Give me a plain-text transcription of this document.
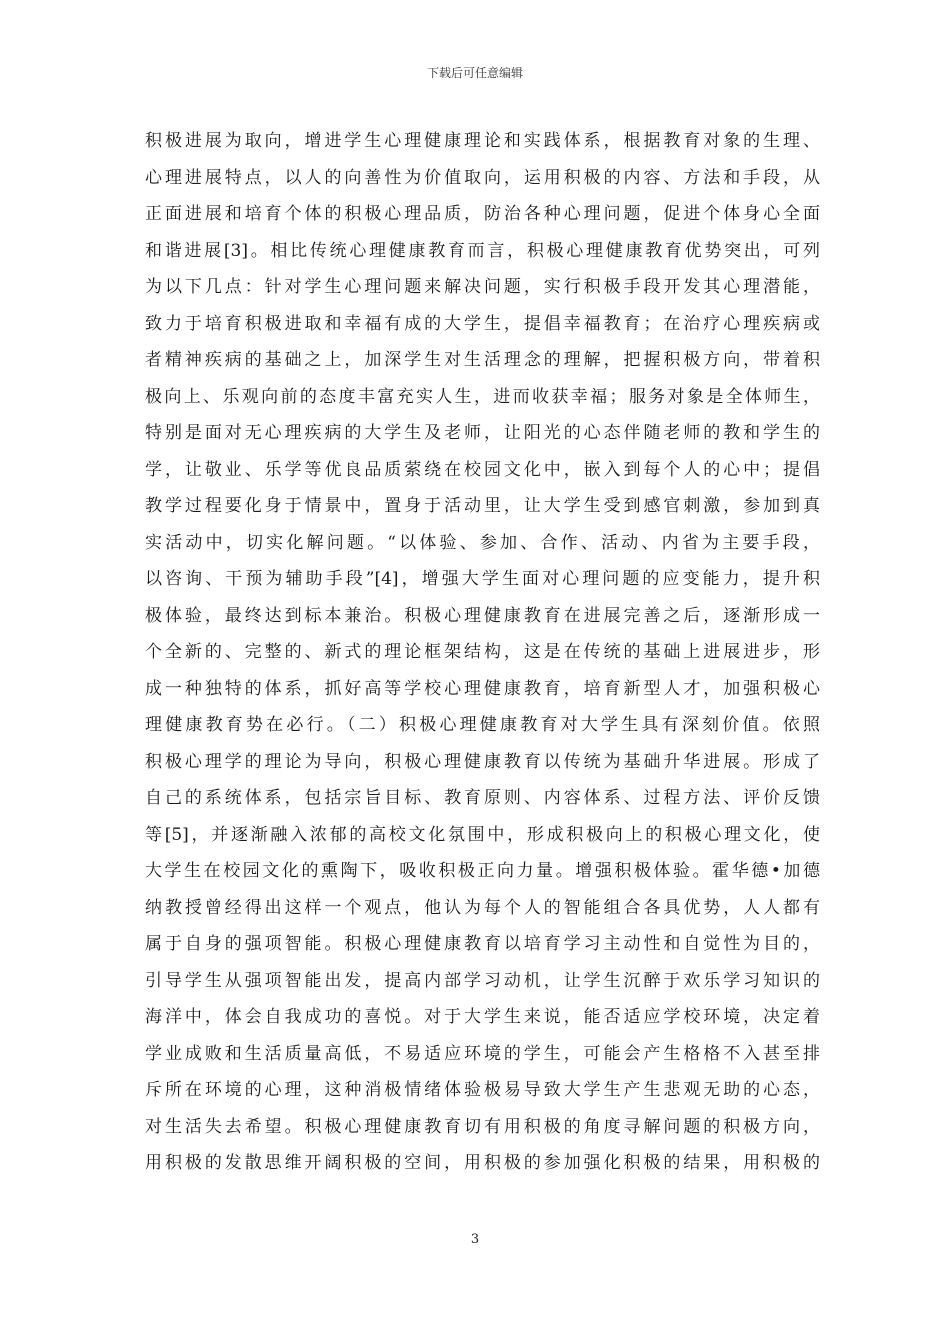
下载后可任意编辑
积极进展为取向，增进学生心理健康理论和实践体系，根据教育对象的生理、
心理进展特点，以人的向善性为价值取向，运用积极的内容、方法和手段，从
正面进展和培育个体的积极心理品质，防治各种心理问题，促进个体身心全面
和谐进展[3]。相比传统心理健康教育而言，积极心理健康教育优势突出，可列
为以下几点：针对学生心理问题来解决问题，实行积极手段开发其心理潜能，
致力于培育积极进取和幸福有成的大学生，提倡幸福教育；在治疗心理疾病或
者精神疾病的基础之上，加深学生对生活理念的理解，把握积极方向，带着积
极向上、乐观向前的态度丰富充实人生，进而收获幸福；服务对象是全体师生，
特别是面对无心理疾病的大学生及老师，让阳光的心态伴随老师的教和学生的
学，让敬业、乐学等优良品质萦绕在校园文化中，嵌入到每个人的心中；提倡
教学过程要化身于情景中，置身于活动里，让大学生受到感官刺激，参加到真
实活动中，切实化解问题。“以体验、参加、合作、活动、内省为主要手段，
以咨询、干预为辅助手段”[4]，增强大学生面对心理问题的应变能力，提升积
极体验，最终达到标本兼治。积极心理健康教育在进展完善之后，逐渐形成一
个全新的、完整的、新式的理论框架结构，这是在传统的基础上进展进步，形
成一种独特的体系，抓好高等学校心理健康教育，培育新型人才，加强积极心
理健康教育势在必行。（二）积极心理健康教育对大学生具有深刻价值。依照
积极心理学的理论为导向，积极心理健康教育以传统为基础升华进展。形成了
自己的系统体系，包括宗旨目标、教育原则、内容体系、过程方法、评价反馈
等[5]，并逐渐融入浓郁的高校文化氛围中，形成积极向上的积极心理文化，使
大学生在校园文化的熏陶下，吸收积极正向力量。增强积极体验。霍华德•加德
纳教授曾经得出这样一个观点，他认为每个人的智能组合各具优势，人人都有
属于自身的强项智能。积极心理健康教育以培育学习主动性和自觉性为目的，
引导学生从强项智能出发，提高内部学习动机，让学生沉醉于欢乐学习知识的
海洋中，体会自我成功的喜悦。对于大学生来说，能否适应学校环境，决定着
学业成败和生活质量高低，不易适应环境的学生，可能会产生格格不入甚至排
斥所在环境的心理，这种消极情绪体验极易导致大学生产生悲观无助的心态，
对生活失去希望。积极心理健康教育切有用积极的角度寻解问题的积极方向，
用积极的发散思维开阔积极的空间，用积极的参加强化积极的结果，用积极的
3
